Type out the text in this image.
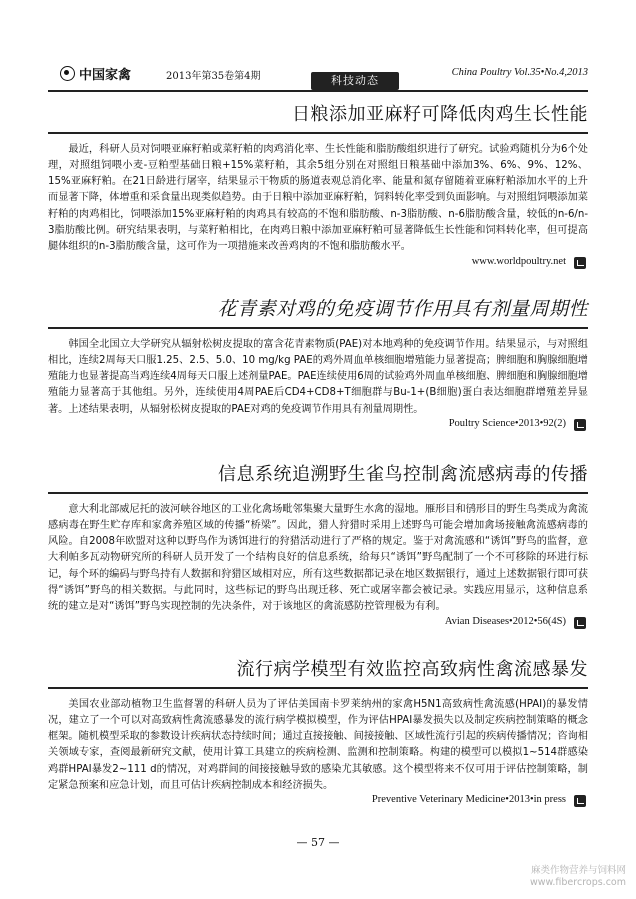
中国家禽	2013年第35卷第4期	科技动态
China Poultry Vol.35•No.4,2013
日粮添加亚麻籽可降低肉鸡生长性能
最近，科研人员对饲喂亚麻籽粕或菜籽粕的肉鸡消化率、生长性能和脂肪酸组织进行了研究。试验鸡随机分为6个处理，对照组饲喂小麦-豆粕型基础日粮+15%菜籽粕，其余5组分别在对照组日粮基础中添加3%、6%、9%、12%、15%亚麻籽粕。在21日龄进行屠宰，结果显示干物质的肠道表观总消化率、能量和氮存留随着亚麻籽粕添加水平的上升而显著下降，体增重和采食量出现类似趋势。由于日粮中添加亚麻籽粕，饲料转化率受到负面影响。与对照组饲喂添加菜籽粕的肉鸡相比，饲喂添加15%亚麻籽粕的肉鸡具有较高的不饱和脂肪酸、n-3脂肪酸、n-6脂肪酸含量，较低的n-6/n-3脂肪酸比例。研究结果表明，与菜籽粕相比，在肉鸡日粮中添加亚麻籽粕可显著降低生长性能和饲料转化率，但可提高腿体组织的n-3脂肪酸含量，这可作为一项措施来改善鸡肉的不饱和脂肪酸水平。
www.worldpoultry.net
花青素对鸡的免疫调节作用具有剂量周期性
韩国全北国立大学研究从辐射松树皮提取的富含花青素物质(PAE)对本地鸡种的免疫调节作用。结果显示，与对照组相比，连续2周每天口服1.25、2.5、5.0、10 mg/kg PAE的鸡外周血单核细胞增殖能力显著提高；脾细胞和胸腺细胞增殖能力也显著提高当鸡连续4周每天口服上述剂量PAE。PAE连续使用6周的试验鸡外周血单核细胞、脾细胞和胸腺细胞增殖能力显著高于其他组。另外，连续使用4周PAE后CD4+CD8+T细胞群与Bu-1+(B细胞)蛋白表达细胞群增殖差异显著。上述结果表明，从辐射松树皮提取的PAE对鸡的免疫调节作用具有剂量周期性。
Poultry Science•2013•92(2)
信息系统追溯野生雀鸟控制禽流感病毒的传播
意大利北部威尼托的波河峡谷地区的工业化禽场毗邻集聚大量野生水禽的湿地。雁形目和鸻形目的野生鸟类成为禽流感病毒在野生贮存库和家禽养殖区域的传播“桥梁”。因此，猎人狩猎时采用上述野鸟可能会增加禽场接触禽流感病毒的风险。自2008年欧盟对这种以野鸟作为诱饵进行的狩猎活动进行了严格的规定。鉴于对禽流感和“诱饵”野鸟的监督，意大利帕多瓦动物研究所的科研人员开发了一个结构良好的信息系统，给每只“诱饵”野鸟配制了一个不可移除的环进行标记，每个环的编码与野鸟持有人数据和狩猎区域相对应，所有这些数据都记录在地区数据银行，通过上述数据银行即可获得“诱饵”野鸟的相关数据。与此同时，这些标记的野鸟出现迁移、死亡或屠宰都会被记录。实践应用显示，这种信息系统的建立是对“诱饵”野鸟实现控制的先决条件，对于该地区的禽流感防控管理极为有利。
Avian Diseases•2012•56(4S)
流行病学模型有效监控高致病性禽流感暴发
美国农业部动植物卫生监督署的科研人员为了评估美国南卡罗莱纳州的家禽H5N1高致病性禽流感(HPAI)的暴发情况，建立了一个可以对高致病性禽流感暴发的流行病学模拟模型，作为评估HPAI暴发损失以及制定疾病控制策略的概念框架。随机模型采取的参数设计疾病状态持续时间；通过直接接触、间接接触、区域性流行引起的疾病传播情况；咨询相关领域专家，查阅最新研究文献，使用计算工具建立的疾病检测、监测和控制策略。构建的模型可以模拟1~514群感染鸡群HPAI暴发2~111 d的情况，对鸡群间的间接接触导致的感染尤其敏感。这个模型将来不仅可用于评估控制策略，制定紧急预案和应急计划，而且可估计疾病控制成本和经济损失。
Preventive Veterinary Medicine•2013•in press
— 57 —
麻类作物营养与饲料网
www.fibercrops.com
